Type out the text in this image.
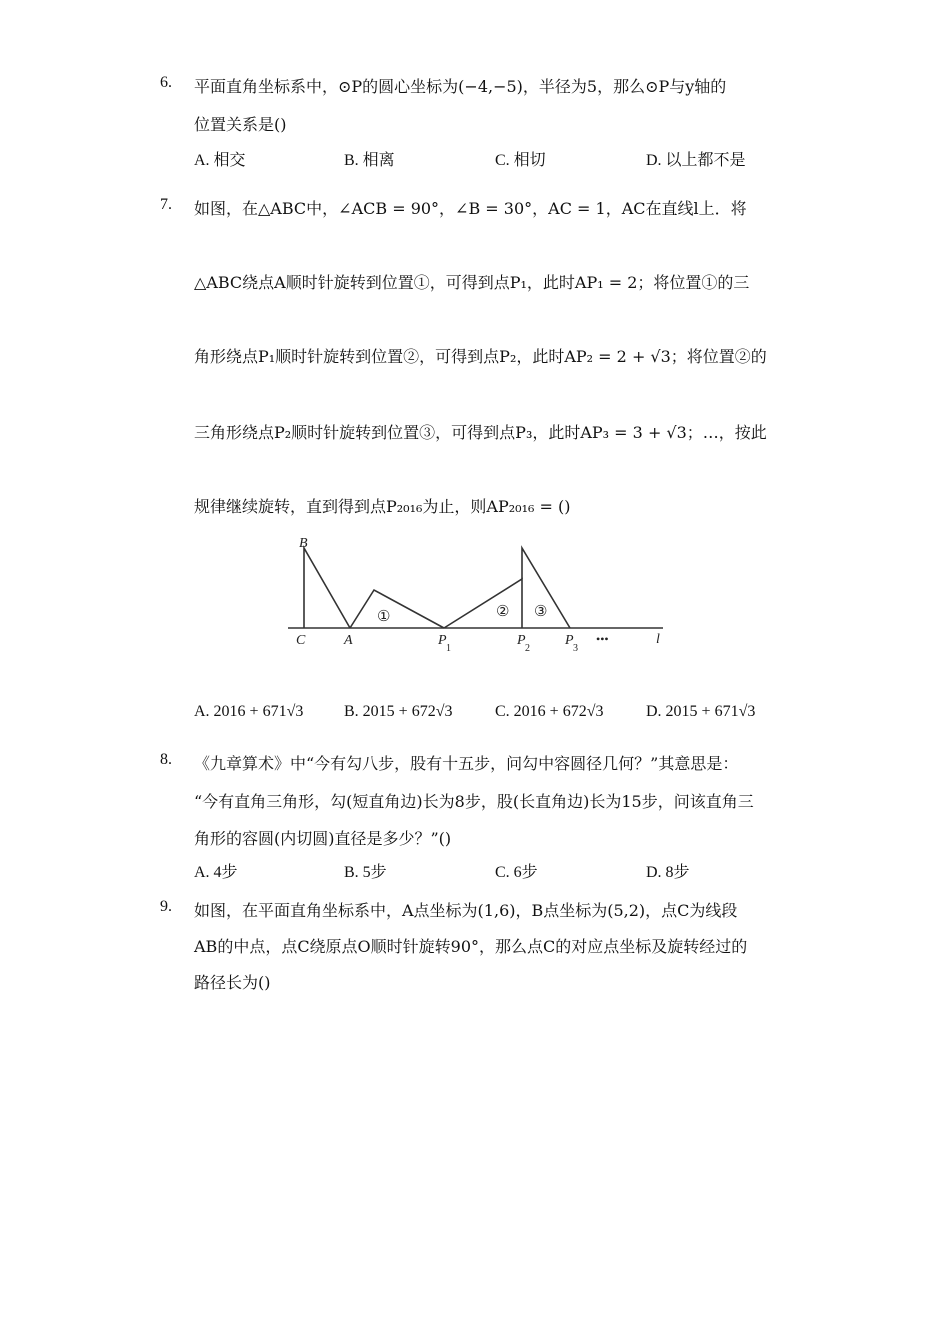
6. 平面直角坐标系中，⊙P的圆心坐标为(−4,−5)，半径为5，那么⊙P与y轴的
位置关系是()
A. 相交	B. 相离	C. 相切	D. 以上都不是
7. 如图，在△ABC中，∠ACB = 90°，∠B = 30°，AC = 1，AC在直线l上．将
△ABC绕点A顺时针旋转到位置①，可得到点P₁，此时AP₁ = 2；将位置①的三
角形绕点P₁顺时针旋转到位置②，可得到点P₂，此时AP₂ = 2 + √3；将位置②的
三角形绕点P₂顺时针旋转到位置③，可得到点P₃，此时AP₃ = 3 + √3；…，按此
规律继续旋转，直到得到点P₂₀₁₆为止，则AP₂₀₁₆ = ()
B
C	A	P
1
P
2
P
3
•••	l
①	② ③
A. 2016 + 671√3	B. 2015 + 672√3	C. 2016 + 672√3	D. 2015 + 671√3
8. 《九章算术》中“今有勾八步，股有十五步，问勾中容圆径几何？”其意思是：
“今有直角三角形，勾(短直角边)长为8步，股(长直角边)长为15步，问该直角三
角形的容圆(内切圆)直径是多少？”()
A. 4步	B. 5步	C. 6步	D. 8步
9. 如图，在平面直角坐标系中，A点坐标为(1,6)，B点坐标为(5,2)，点C为线段
AB的中点，点C绕原点O顺时针旋转90°，那么点C的对应点坐标及旋转经过的
路径长为()
